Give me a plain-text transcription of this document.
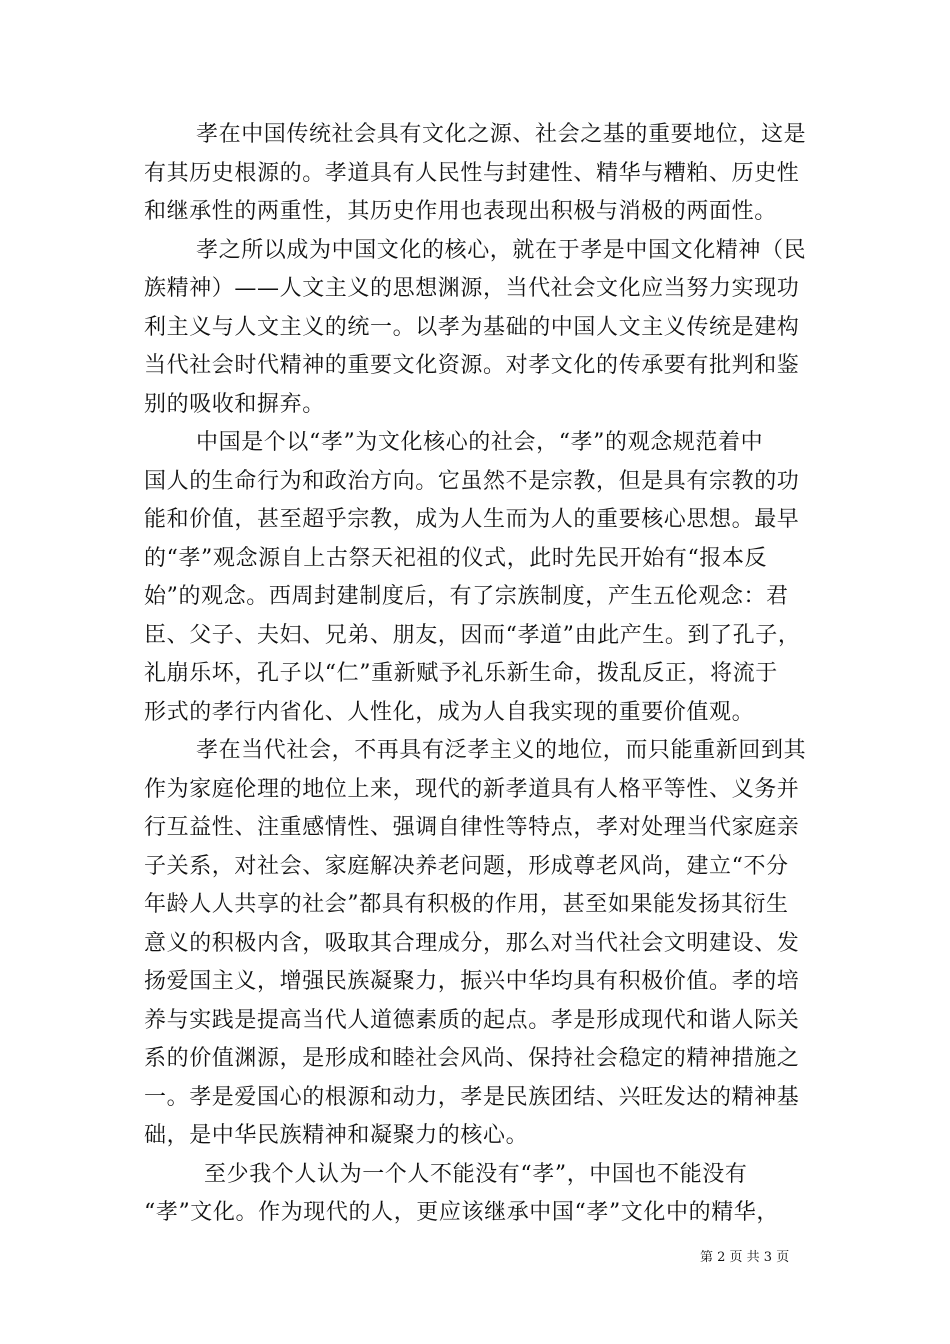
孝在中国传统社会具有文化之源、社会之基的重要地位，这是
有其历史根源的。孝道具有人民性与封建性、精华与糟粕、历史性
和继承性的两重性，其历史作用也表现出积极与消极的两面性。
孝之所以成为中国文化的核心，就在于孝是中国文化精神（民
族精神）——人文主义的思想渊源，当代社会文化应当努力实现功
利主义与人文主义的统一。以孝为基础的中国人文主义传统是建构
当代社会时代精神的重要文化资源。对孝文化的传承要有批判和鉴
别的吸收和摒弃。
中国是个以“孝”为文化核心的社会，“孝”的观念规范着中
国人的生命行为和政治方向。它虽然不是宗教，但是具有宗教的功
能和价值，甚至超乎宗教，成为人生而为人的重要核心思想。最早
的“孝”观念源自上古祭天祀祖的仪式，此时先民开始有“报本反
始”的观念。西周封建制度后，有了宗族制度，产生五伦观念：君
臣、父子、夫妇、兄弟、朋友，因而“孝道”由此产生。到了孔子，
礼崩乐坏，孔子以“仁”重新赋予礼乐新生命，拨乱反正，将流于
形式的孝行内省化、人性化，成为人自我实现的重要价值观。
孝在当代社会，不再具有泛孝主义的地位，而只能重新回到其
作为家庭伦理的地位上来，现代的新孝道具有人格平等性、义务并
行互益性、注重感情性、强调自律性等特点，孝对处理当代家庭亲
子关系，对社会、家庭解决养老问题，形成尊老风尚，建立“不分
年龄人人共享的社会”都具有积极的作用，甚至如果能发扬其衍生
意义的积极内含，吸取其合理成分，那么对当代社会文明建设、发
扬爱国主义，增强民族凝聚力，振兴中华均具有积极价值。孝的培
养与实践是提高当代人道德素质的起点。孝是形成现代和谐人际关
系的价值渊源，是形成和睦社会风尚、保持社会稳定的精神措施之
一。孝是爱国心的根源和动力，孝是民族团结、兴旺发达的精神基
础，是中华民族精神和凝聚力的核心。
至少我个人认为一个人不能没有“孝”，中国也不能没有
“孝”文化。作为现代的人，更应该继承中国“孝”文化中的精华，
第 2 页 共 3 页
